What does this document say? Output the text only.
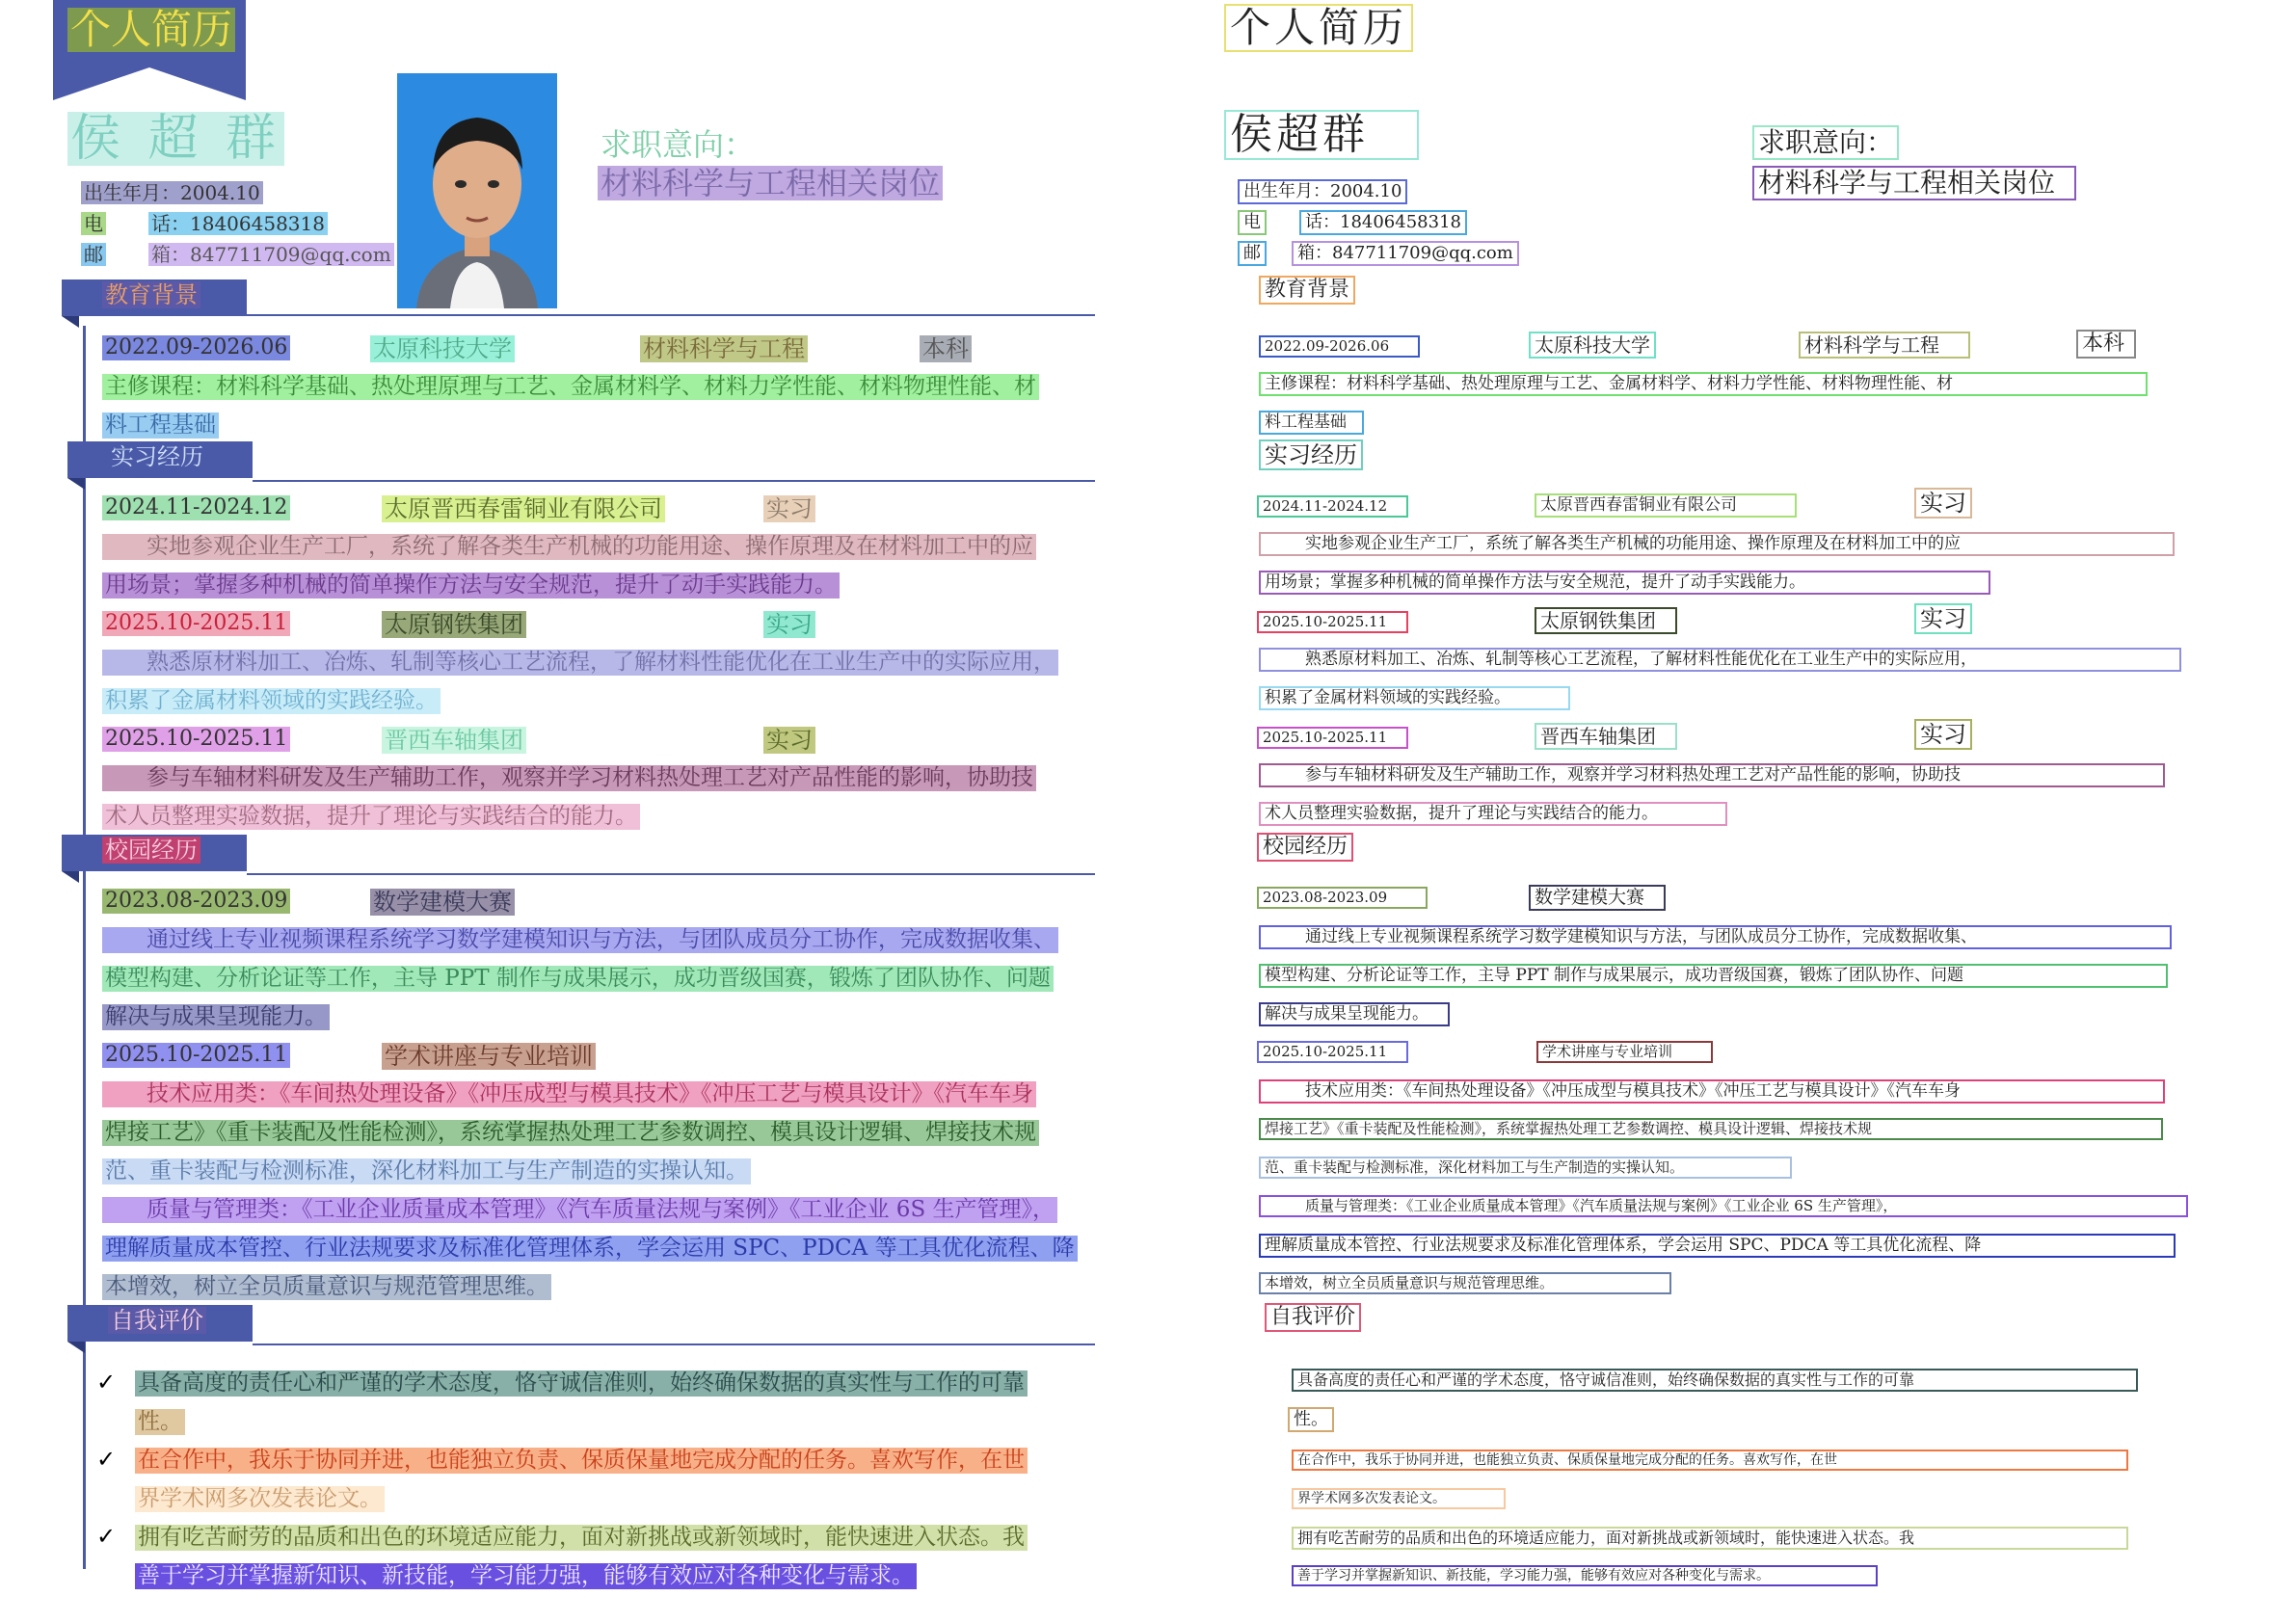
个人简历
侯 超 群
出生年月：2004.10
电	话：18406458318
邮	箱：847711709@qq.com
求职意向：
材料科学与工程相关岗位
教育背景
2022.09-2026.06	太原科技大学	材料科学与工程	本科
主修课程：材料科学基础、热处理原理与工艺、金属材料学、材料力学性能、材料物理性能、材
料工程基础
实习经历
2024.11-2024.12	太原晋西春雷铜业有限公司	实习
实地参观企业生产工厂，系统了解各类生产机械的功能用途、操作原理及在材料加工中的应
用场景；掌握多种机械的简单操作方法与安全规范，提升了动手实践能力。
2025.10-2025.11	太原钢铁集团	实习
熟悉原材料加工、冶炼、轧制等核心工艺流程，了解材料性能优化在工业生产中的实际应用，
积累了金属材料领域的实践经验。
2025.10-2025.11	晋西车轴集团	实习
参与车轴材料研发及生产辅助工作，观察并学习材料热处理工艺对产品性能的影响，协助技
术人员整理实验数据，提升了理论与实践结合的能力。
校园经历
2023.08-2023.09	数学建模大赛
通过线上专业视频课程系统学习数学建模知识与方法，与团队成员分工协作，完成数据收集、
模型构建、分析论证等工作，主导 PPT 制作与成果展示，成功晋级国赛，锻炼了团队协作、问题
解决与成果呈现能力。
2025.10-2025.11	学术讲座与专业培训
技术应用类：《车间热处理设备》《冲压成型与模具技术》《冲压工艺与模具设计》《汽车车身
焊接工艺》《重卡装配及性能检测》，系统掌握热处理工艺参数调控、模具设计逻辑、焊接技术规
范、重卡装配与检测标准，深化材料加工与生产制造的实操认知。
质量与管理类：《工业企业质量成本管理》《汽车质量法规与案例》《工业企业 6S 生产管理》，
理解质量成本管控、行业法规要求及标准化管理体系，学会运用 SPC、PDCA 等工具优化流程、降
本增效，树立全员质量意识与规范管理思维。
自我评价
✓ 具备高度的责任心和严谨的学术态度，恪守诚信准则，始终确保数据的真实性与工作的可靠
性。
✓ 在合作中，我乐于协同并进，也能独立负责、保质保量地完成分配的任务。喜欢写作，在世
界学术网多次发表论文。
✓ 拥有吃苦耐劳的品质和出色的环境适应能力，面对新挑战或新领域时，能快速进入状态。我
善于学习并掌握新知识、新技能，学习能力强，能够有效应对各种变化与需求。
个人简历
侯超群
出生年月：2004.10
电	话：18406458318
邮	箱：847711709@qq.com
求职意向：
材料科学与工程相关岗位
教育背景
2022.09-2026.06	太原科技大学	材料科学与工程	本科
主修课程：材料科学基础、热处理原理与工艺、金属材料学、材料力学性能、材料物理性能、材
料工程基础
实习经历
2024.11-2024.12	太原晋西春雷铜业有限公司	实习
实地参观企业生产工厂，系统了解各类生产机械的功能用途、操作原理及在材料加工中的应
用场景；掌握多种机械的简单操作方法与安全规范，提升了动手实践能力。
2025.10-2025.11	太原钢铁集团	实习
熟悉原材料加工、冶炼、轧制等核心工艺流程，了解材料性能优化在工业生产中的实际应用，
积累了金属材料领域的实践经验。
2025.10-2025.11	晋西车轴集团	实习
参与车轴材料研发及生产辅助工作，观察并学习材料热处理工艺对产品性能的影响，协助技
术人员整理实验数据，提升了理论与实践结合的能力。
校园经历
2023.08-2023.09	数学建模大赛
通过线上专业视频课程系统学习数学建模知识与方法，与团队成员分工协作，完成数据收集、
模型构建、分析论证等工作，主导 PPT 制作与成果展示，成功晋级国赛，锻炼了团队协作、问题
解决与成果呈现能力。
2025.10-2025.11	学术讲座与专业培训
技术应用类：《车间热处理设备》《冲压成型与模具技术》《冲压工艺与模具设计》《汽车车身
焊接工艺》《重卡装配及性能检测》，系统掌握热处理工艺参数调控、模具设计逻辑、焊接技术规
范、重卡装配与检测标准，深化材料加工与生产制造的实操认知。
质量与管理类：《工业企业质量成本管理》《汽车质量法规与案例》《工业企业 6S 生产管理》，
理解质量成本管控、行业法规要求及标准化管理体系，学会运用 SPC、PDCA 等工具优化流程、降
本增效，树立全员质量意识与规范管理思维。
自我评价
具备高度的责任心和严谨的学术态度，恪守诚信准则，始终确保数据的真实性与工作的可靠
性。
在合作中，我乐于协同并进，也能独立负责、保质保量地完成分配的任务。喜欢写作，在世
界学术网多次发表论文。
拥有吃苦耐劳的品质和出色的环境适应能力，面对新挑战或新领域时，能快速进入状态。我
善于学习并掌握新知识、新技能，学习能力强，能够有效应对各种变化与需求。
